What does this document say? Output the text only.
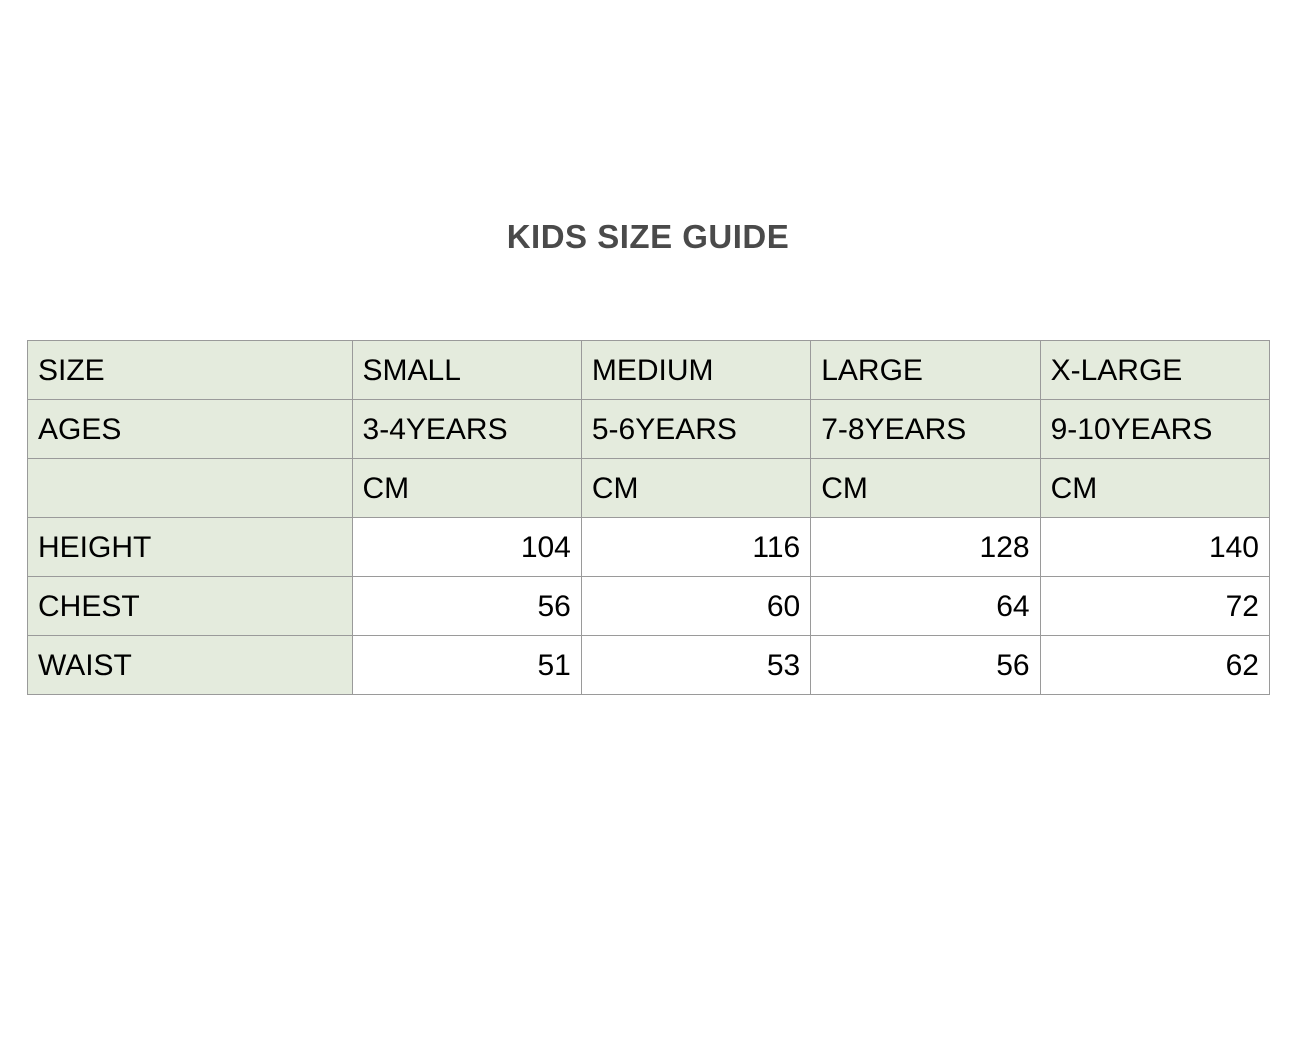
KIDS SIZE GUIDE
SIZE	SMALL	MEDIUM	LARGE	X-LARGE
AGES	3-4YEARS	5-6YEARS	7-8YEARS	9-10YEARS
	CM	CM	CM	CM
HEIGHT	104	116	128	140
CHEST	56	60	64	72
WAIST	51	53	56	62
